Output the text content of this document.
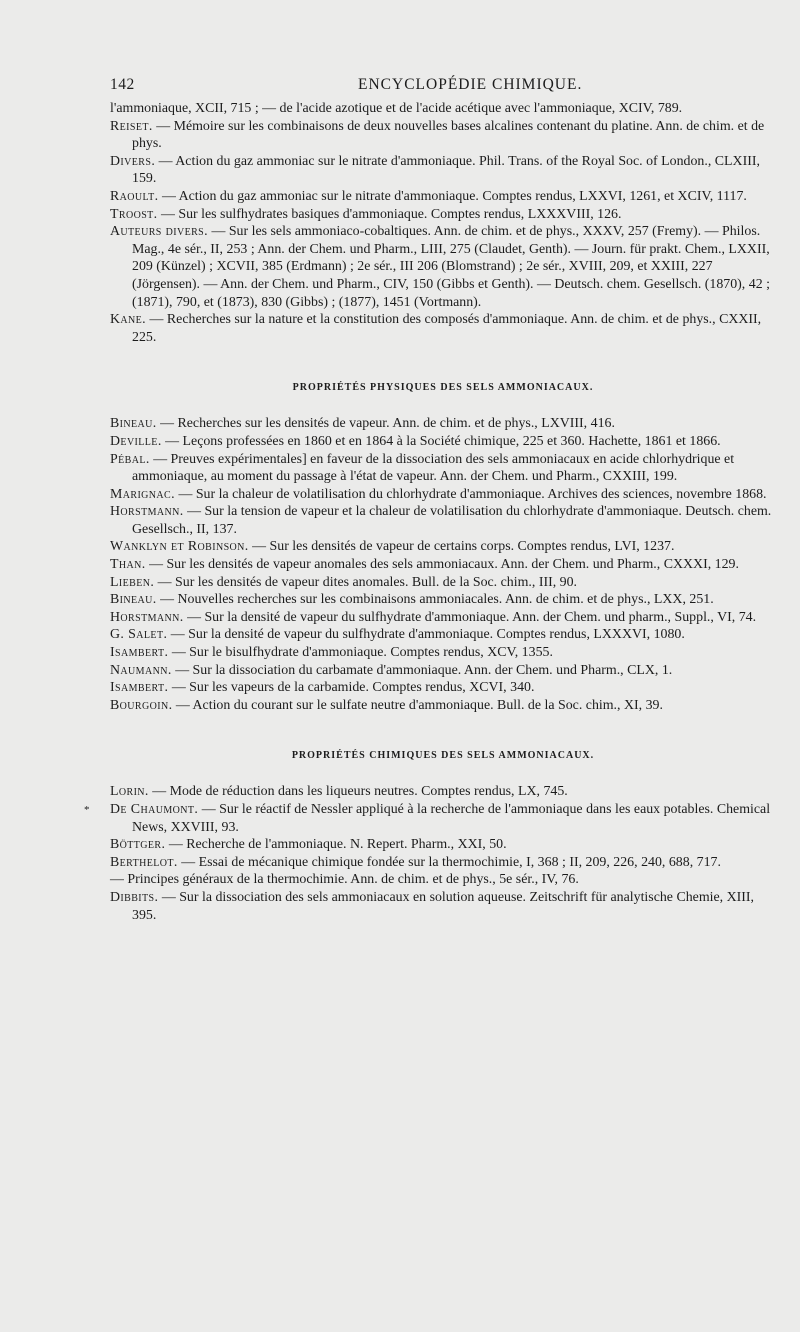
142	ENCYCLOPÉDIE CHIMIQUE.

l'ammoniaque, XCII, 715 ; — de l'acide azotique et de l'acide acétique avec l'ammoniaque, XCIV, 789.

Reiset. — Mémoire sur les combinaisons de deux nouvelles bases alcalines contenant du platine. Ann. de chim. et de phys.

Divers. — Action du gaz ammoniac sur le nitrate d'ammoniaque. Phil. Trans. of the Royal Soc. of London., CLXIII, 159.

Raoult. — Action du gaz ammoniac sur le nitrate d'ammoniaque. Comptes rendus, LXXVI, 1261, et XCIV, 1117.

Troost. — Sur les sulfhydrates basiques d'ammoniaque. Comptes rendus, LXXXVIII, 126.

Auteurs divers. — Sur les sels ammoniaco-cobaltiques. Ann. de chim. et de phys., XXXV, 257 (Fremy). — Philos. Mag., 4e sér., II, 253 ; Ann. der Chem. und Pharm., LIII, 275 (Claudet, Genth). — Journ. für prakt. Chem., LXXII, 209 (Künzel) ; XCVII, 385 (Erdmann) ; 2e sér., III 206 (Blomstrand) ; 2e sér., XVIII, 209, et XXIII, 227 (Jörgensen). — Ann. der Chem. und Pharm., CIV, 150 (Gibbs et Genth). — Deutsch. chem. Gesellsch. (1870), 42 ; (1871), 790, et (1873), 830 (Gibbs) ; (1877), 1451 (Vortmann).

Kane. — Recherches sur la nature et la constitution des composés d'ammoniaque. Ann. de chim. et de phys., CXXII, 225.

PROPRIÉTÉS PHYSIQUES DES SELS AMMONIACAUX.

Bineau. — Recherches sur les densités de vapeur. Ann. de chim. et de phys., LXVIII, 416.

Deville. — Leçons professées en 1860 et en 1864 à la Société chimique, 225 et 360. Hachette, 1861 et 1866.

Pébal. — Preuves expérimentales] en faveur de la dissociation des sels ammoniacaux en acide chlorhydrique et ammoniaque, au moment du passage à l'état de vapeur. Ann. der Chem. und Pharm., CXXIII, 199.

Marignac. — Sur la chaleur de volatilisation du chlorhydrate d'ammoniaque. Archives des sciences, novembre 1868.

Horstmann. — Sur la tension de vapeur et la chaleur de volatilisation du chlorhydrate d'ammoniaque. Deutsch. chem. Gesellsch., II, 137.

Wanklyn et Robinson. — Sur les densités de vapeur de certains corps. Comptes rendus, LVI, 1237.

Than. — Sur les densités de vapeur anomales des sels ammoniacaux. Ann. der Chem. und Pharm., CXXXI, 129.

Lieben. — Sur les densités de vapeur dites anomales. Bull. de la Soc. chim., III, 90.

Bineau. — Nouvelles recherches sur les combinaisons ammoniacales. Ann. de chim. et de phys., LXX, 251.

Horstmann. — Sur la densité de vapeur du sulfhydrate d'ammoniaque. Ann. der Chem. und pharm., Suppl., VI, 74.

G. Salet. — Sur la densité de vapeur du sulfhydrate d'ammoniaque. Comptes rendus, LXXXVI, 1080.

Isambert. — Sur le bisulfhydrate d'ammoniaque. Comptes rendus, XCV, 1355.

Naumann. — Sur la dissociation du carbamate d'ammoniaque. Ann. der Chem. und Pharm., CLX, 1.

Isambert. — Sur les vapeurs de la carbamide. Comptes rendus, XCVI, 340.

Bourgoin. — Action du courant sur le sulfate neutre d'ammoniaque. Bull. de la Soc. chim., XI, 39.

PROPRIÉTÉS CHIMIQUES DES SELS AMMONIACAUX.

Lorin. — Mode de réduction dans les liqueurs neutres. Comptes rendus, LX, 745.

De Chaumont. — Sur le réactif de Nessler appliqué à la recherche de l'ammoniaque dans les eaux potables. Chemical News, XXVIII, 93.

Böttger. — Recherche de l'ammoniaque. N. Repert. Pharm., XXI, 50.

Berthelot. — Essai de mécanique chimique fondée sur la thermochimie, I, 368 ; II, 209, 226, 240, 688, 717.

— Principes généraux de la thermochimie. Ann. de chim. et de phys., 5e sér., IV, 76.

Dibbits. — Sur la dissociation des sels ammoniacaux en solution aqueuse. Zeitschrift für analytische Chemie, XIII, 395.

*
